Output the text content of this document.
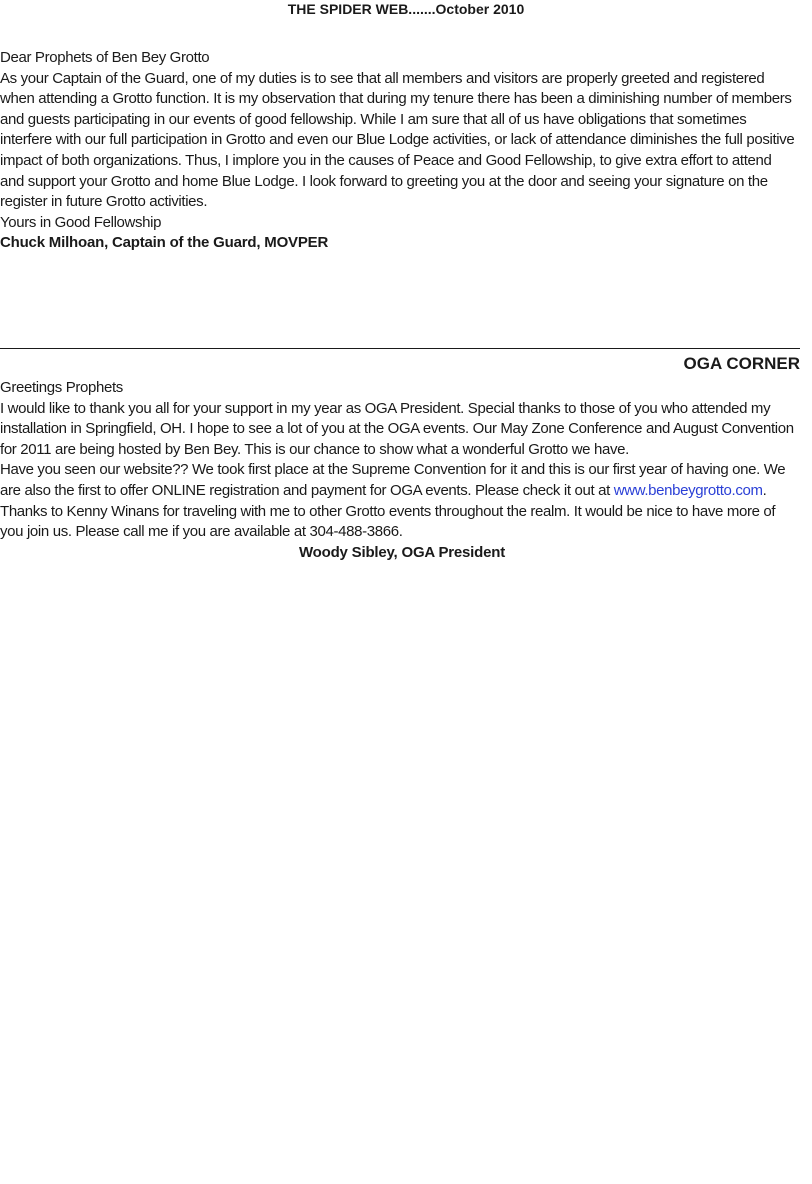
THE SPIDER WEB.......October 2010

Dear Prophets of Ben Bey Grotto

As your Captain of the Guard, one of my duties is to see that all members and visitors are properly greeted and registered when attending a Grotto function. It is my observation that during my tenure there has been a diminishing number of members and guests participating in our events of good fellowship. While I am sure that all of us have obligations that sometimes interfere with our full participation in Grotto and even our Blue Lodge activities, or lack of attendance diminishes the full positive impact of both organizations. Thus, I implore you in the causes of Peace and Good Fellowship, to give extra effort to attend and support your Grotto and home Blue Lodge. I look forward to greeting you at the door and seeing your signature on the register in future Grotto activities.

Yours in Good Fellowship

Chuck Milhoan, Captain of the Guard, MOVPER

OGA CORNER

Greetings Prophets

I would like to thank you all for your support in my year as OGA President. Special thanks to those of you who attended my installation in Springfield, OH. I hope to see a lot of you at the OGA events. Our May Zone Conference and August Convention for 2011 are being hosted by Ben Bey. This is our chance to show what a wonderful Grotto we have.

Have you seen our website?? We took first place at the Supreme Convention for it and this is our first year of having one. We are also the first to offer ONLINE registration and payment for OGA events. Please check it out at www.benbeygrotto.com.

Thanks to Kenny Winans for traveling with me to other Grotto events throughout the realm. It would be nice to have more of you join us. Please call me if you are available at 304-488-3866.

Woody Sibley, OGA President
